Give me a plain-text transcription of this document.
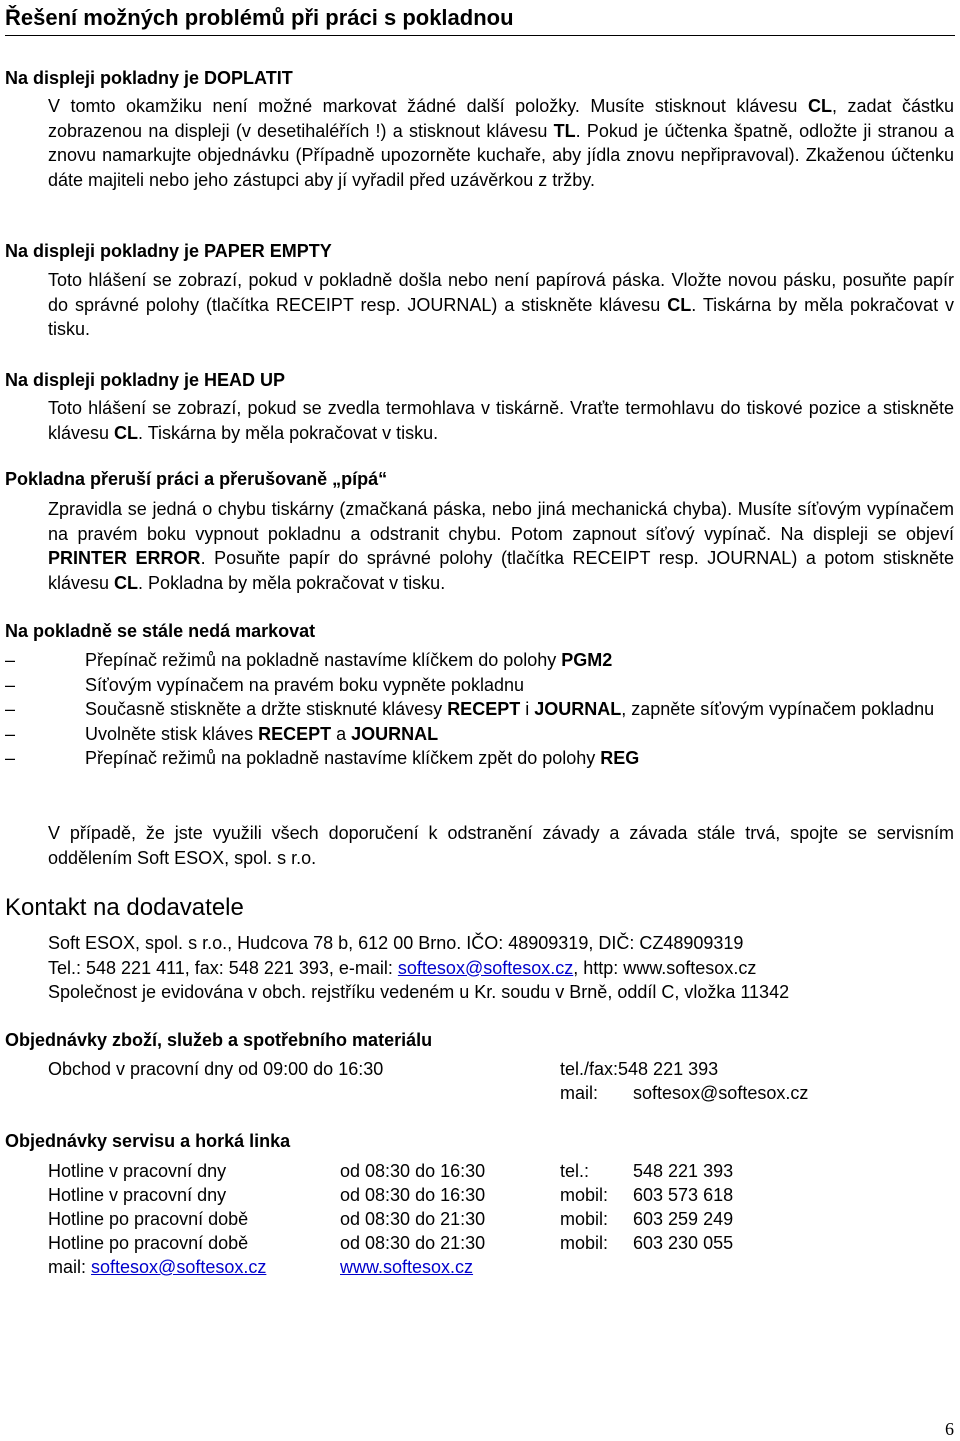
Řešení možných problémů při práci s pokladnou
Na displeji pokladny je DOPLATIT
V tomto okamžiku není možné markovat žádné další položky. Musíte stisknout klávesu CL, zadat částku zobrazenou na displeji (v desetihaléřích !) a stisknout klávesu TL. Pokud je účtenka špatně, odložte ji stranou a znovu namarkujte objednávku (Případně upozorněte kuchaře, aby jídla znovu nepřipravoval). Zkaženou účtenku dáte majiteli nebo jeho zástupci aby jí vyřadil před uzávěrkou z tržby.
Na displeji pokladny je PAPER EMPTY
Toto hlášení se zobrazí, pokud v pokladně došla nebo není papírová páska. Vložte novou pásku, posuňte papír do správné polohy (tlačítka RECEIPT resp. JOURNAL) a stiskněte klávesu CL. Tiskárna by měla pokračovat v tisku.
Na displeji pokladny je HEAD UP
Toto hlášení se zobrazí, pokud se zvedla termohlava v tiskárně. Vraťte termohlavu do tiskové pozice a stiskněte klávesu CL. Tiskárna by měla pokračovat v tisku.
Pokladna přeruší práci a přerušovaně „pípá“
Zpravidla se jedná o chybu tiskárny (zmačkaná páska, nebo jiná mechanická chyba). Musíte síťovým vypínačem na pravém boku vypnout pokladnu a odstranit chybu. Potom zapnout síťový vypínač. Na displeji se objeví PRINTER ERROR. Posuňte papír do správné polohy (tlačítka RECEIPT resp. JOURNAL) a potom stiskněte klávesu CL. Pokladna by měla pokračovat v tisku.
Na pokladně se stále nedá markovat
–	Přepínač režimů na pokladně nastavíme klíčkem do polohy PGM2
–	Síťovým vypínačem na pravém boku vypněte pokladnu
–	Současně stiskněte a držte stisknuté klávesy RECEPT i JOURNAL, zapněte síťovým vypínačem pokladnu
–	Uvolněte stisk kláves RECEPT a JOURNAL
–	Přepínač režimů na pokladně nastavíme klíčkem zpět do polohy REG
V případě, že jste využili všech doporučení k odstranění závady a závada stále trvá, spojte se servisním oddělením Soft ESOX, spol. s r.o.
Kontakt na dodavatele
Soft ESOX, spol. s r.o., Hudcova 78 b, 612 00 Brno. IČO: 48909319, DIČ: CZ48909319
Tel.: 548 221 411, fax: 548 221 393, e-mail: softesox@softesox.cz, http: www.softesox.cz
Společnost je evidována v obch. rejstříku vedeném u Kr. soudu v Brně, oddíl C, vložka 11342
Objednávky zboží, služeb a spotřebního materiálu
Obchod v pracovní dny od 09:00 do 16:30	tel./fax:548 221 393
mail: softesox@softesox.cz
Objednávky servisu a horká linka
Hotline v pracovní dny	od 08:30 do 16:30	tel.: 548 221 393
Hotline v pracovní dny	od 08:30 do 16:30	mobil: 603 573 618
Hotline po pracovní době	od 08:30 do 21:30	mobil: 603 259 249
Hotline po pracovní době	od 08:30 do 21:30	mobil: 603 230 055
mail: softesox@softesox.cz	www.softesox.cz
6
